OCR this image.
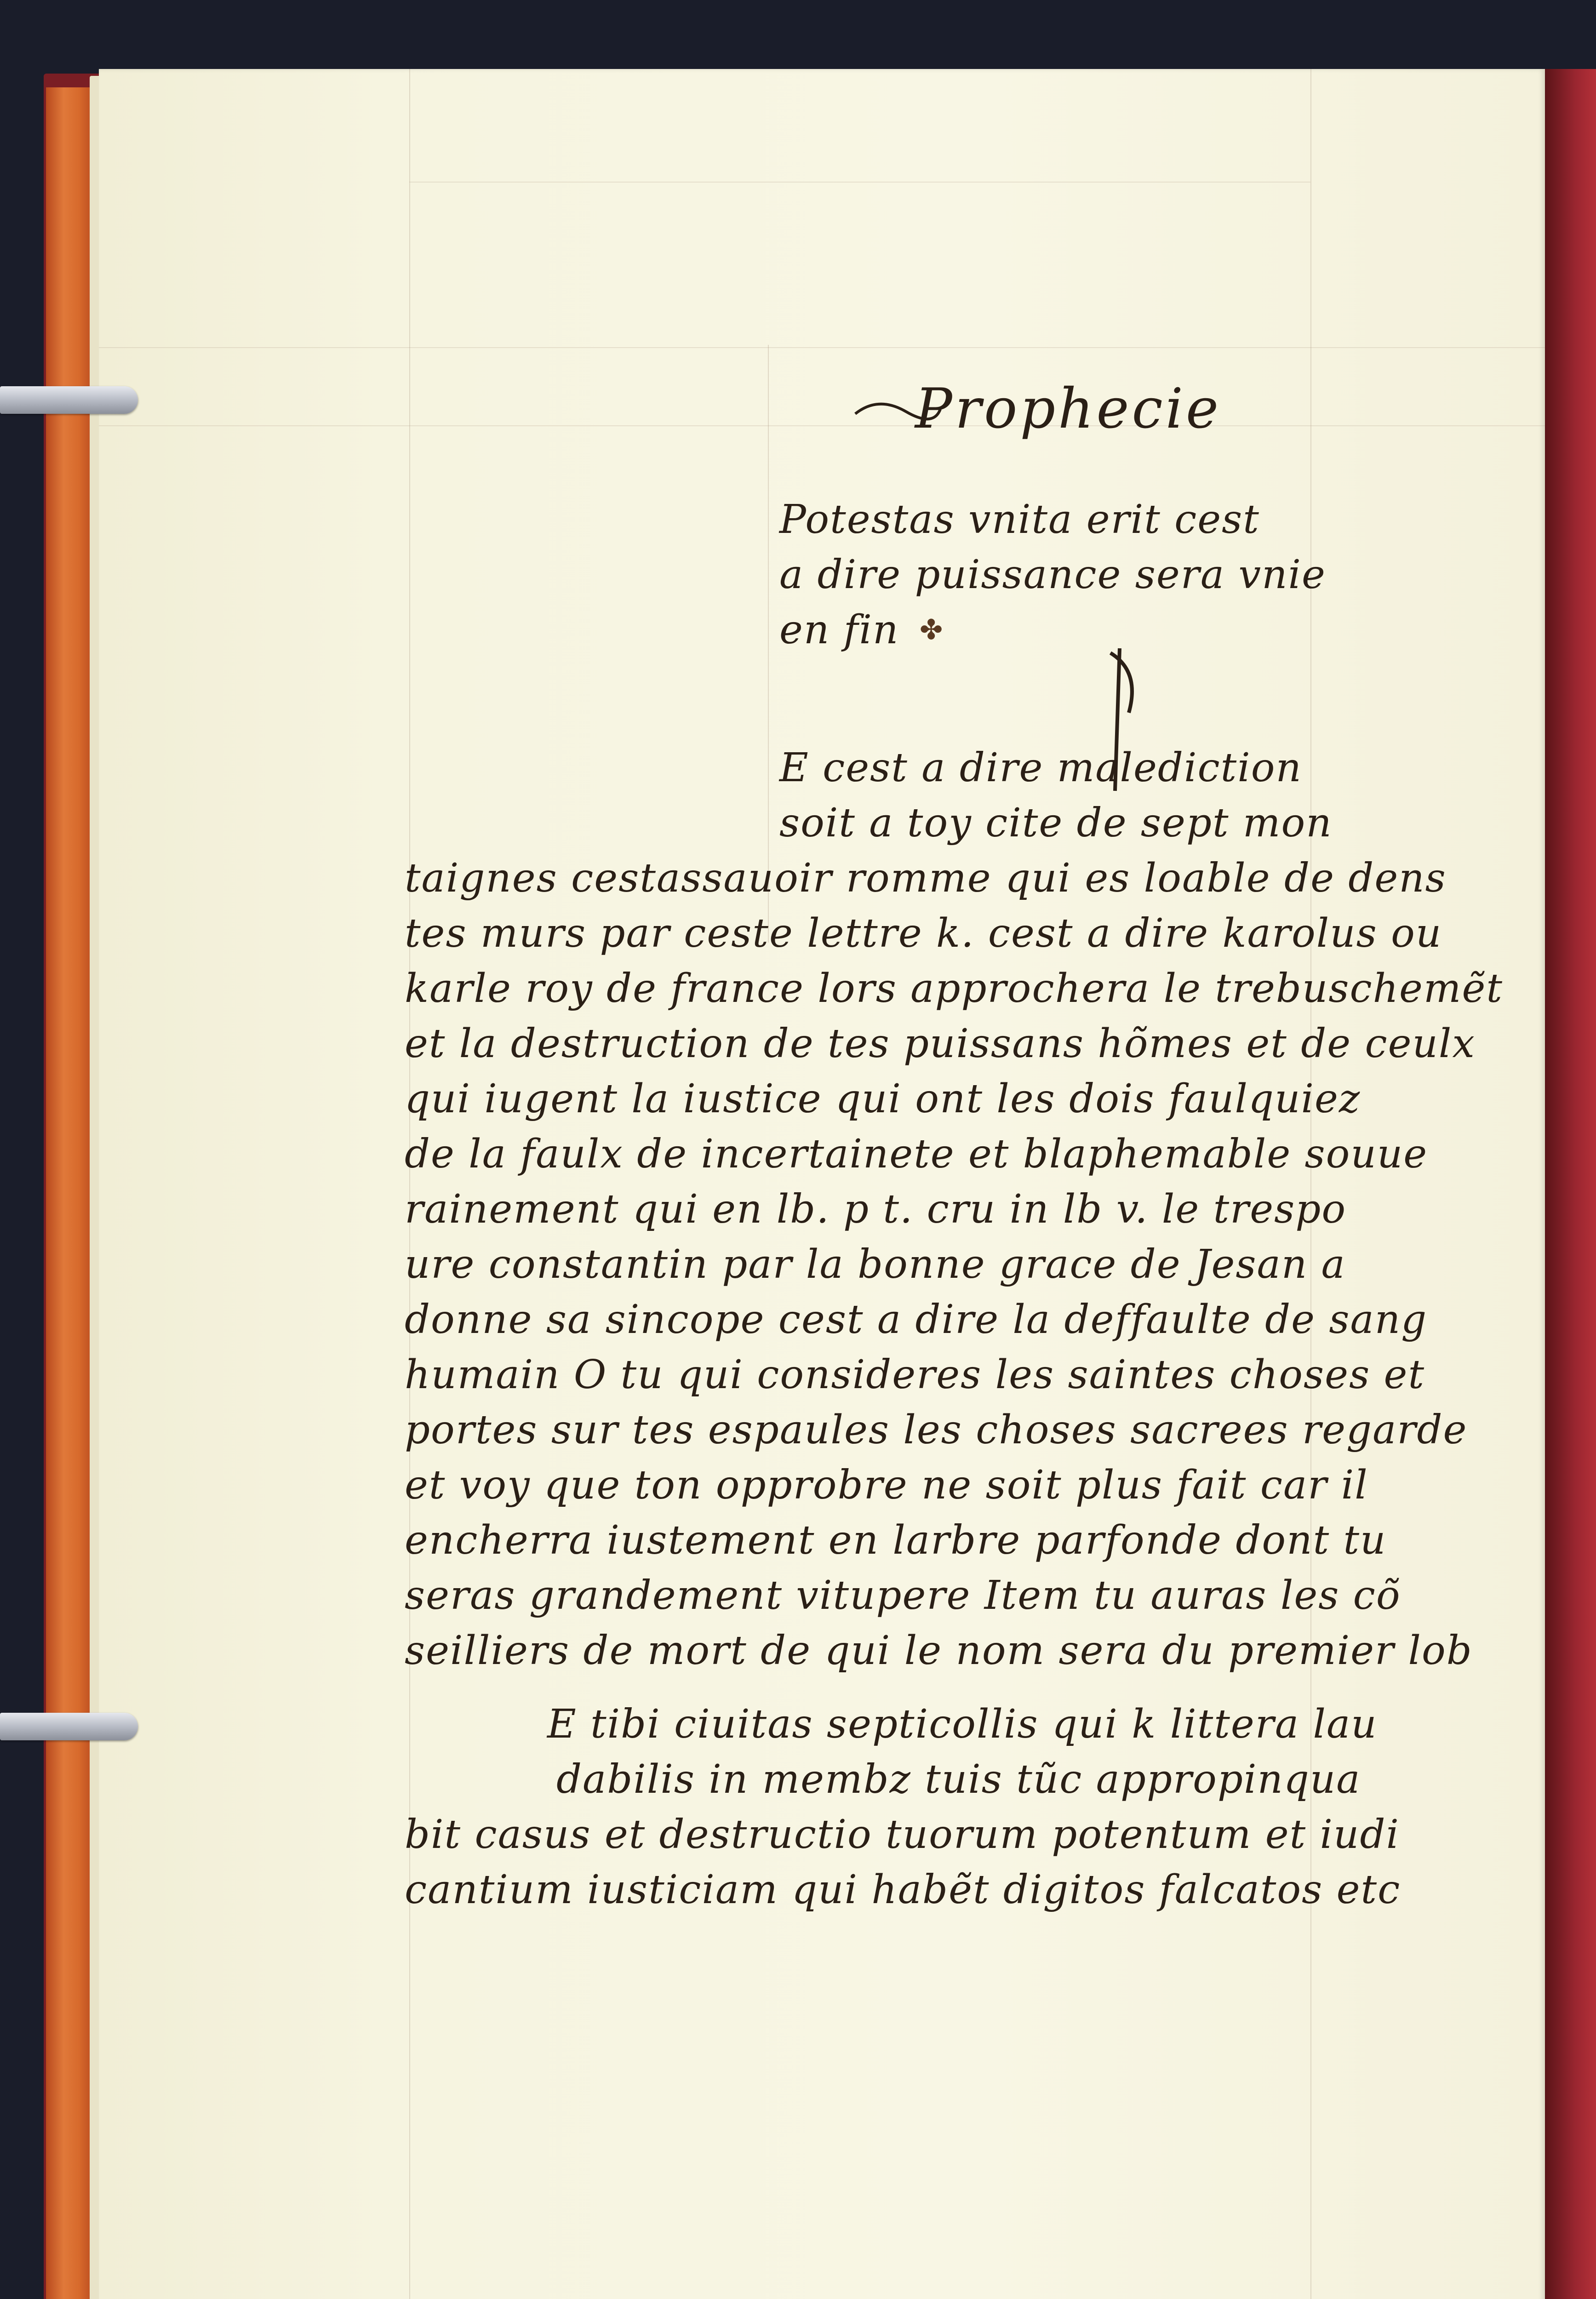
Prophecie
Potestas vnita erit cest
a dire puissance sera vnie
en fin ✤
E cest a dire malediction
soit a toy cite de sept mon
taignes cestassauoir romme qui es loable de dens
tes murs par ceste lettre k. cest a dire karolus ou
karle roy de france lors approchera le trebuschemẽt
et la destruction de tes puissans hõmes et de ceulx
qui iugent la iustice qui ont les dois faulquiez
de la faulx de incertainete et blaphemable souue
rainement qui en lb. p t. cru in lb v. le trespo
ure constantin par la bonne grace de Jesan a
donne sa sincope cest a dire la deffaulte de sang
humain O tu qui consideres les saintes choses et
portes sur tes espaules les choses sacrees regarde
et voy que ton opprobre ne soit plus fait car il
encherra iustement en larbre parfonde dont tu
seras grandement vitupere Item tu auras les cõ
seilliers de mort de qui le nom sera du premier lob
E tibi ciuitas septicollis qui k littera lau
dabilis in membz tuis tũc appropinqua
bit casus et destructio tuorum potentum et iudi
cantium iusticiam qui habẽt digitos falcatos etc
